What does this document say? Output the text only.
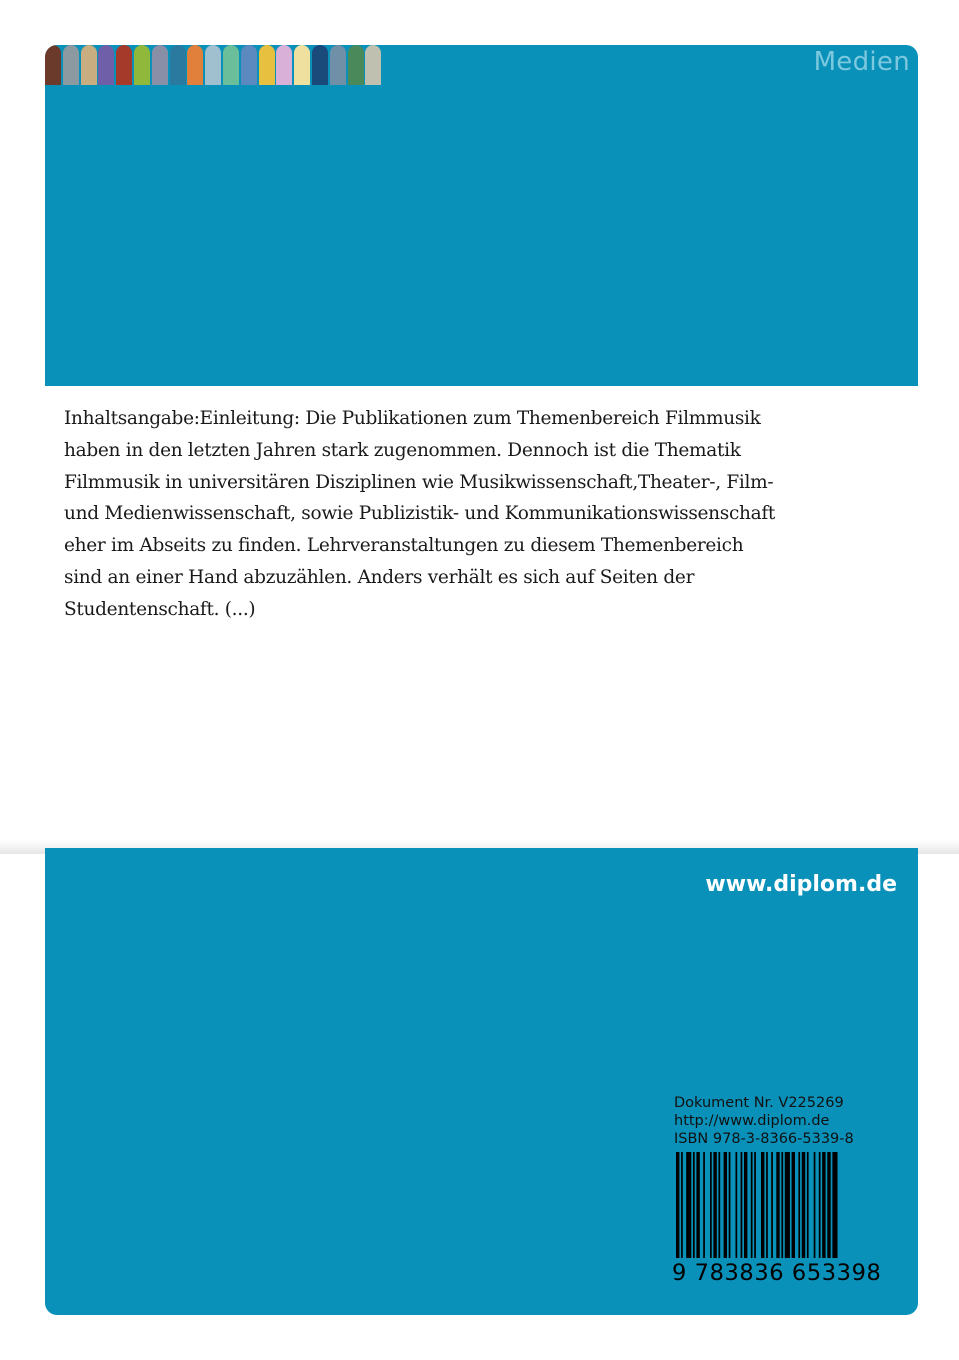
Medien

Inhaltsangabe:Einleitung: Die Publikationen zum Themenbereich Filmmusik haben in den letzten Jahren stark zugenommen. Dennoch ist die Thematik Filmmusik in universitären Disziplinen wie Musikwissenschaft,Theater-, Film- und Medienwissenschaft, sowie Publizistik- und Kommunikationswissenschaft eher im Abseits zu finden. Lehrveranstaltungen zu diesem Themenbereich sind an einer Hand abzuzählen. Anders verhält es sich auf Seiten der Studentenschaft. (...)

www.diplom.de
Dokument Nr. V225269
http://www.diplom.de
ISBN 978-3-8366-5339-8
9 783836 653398
